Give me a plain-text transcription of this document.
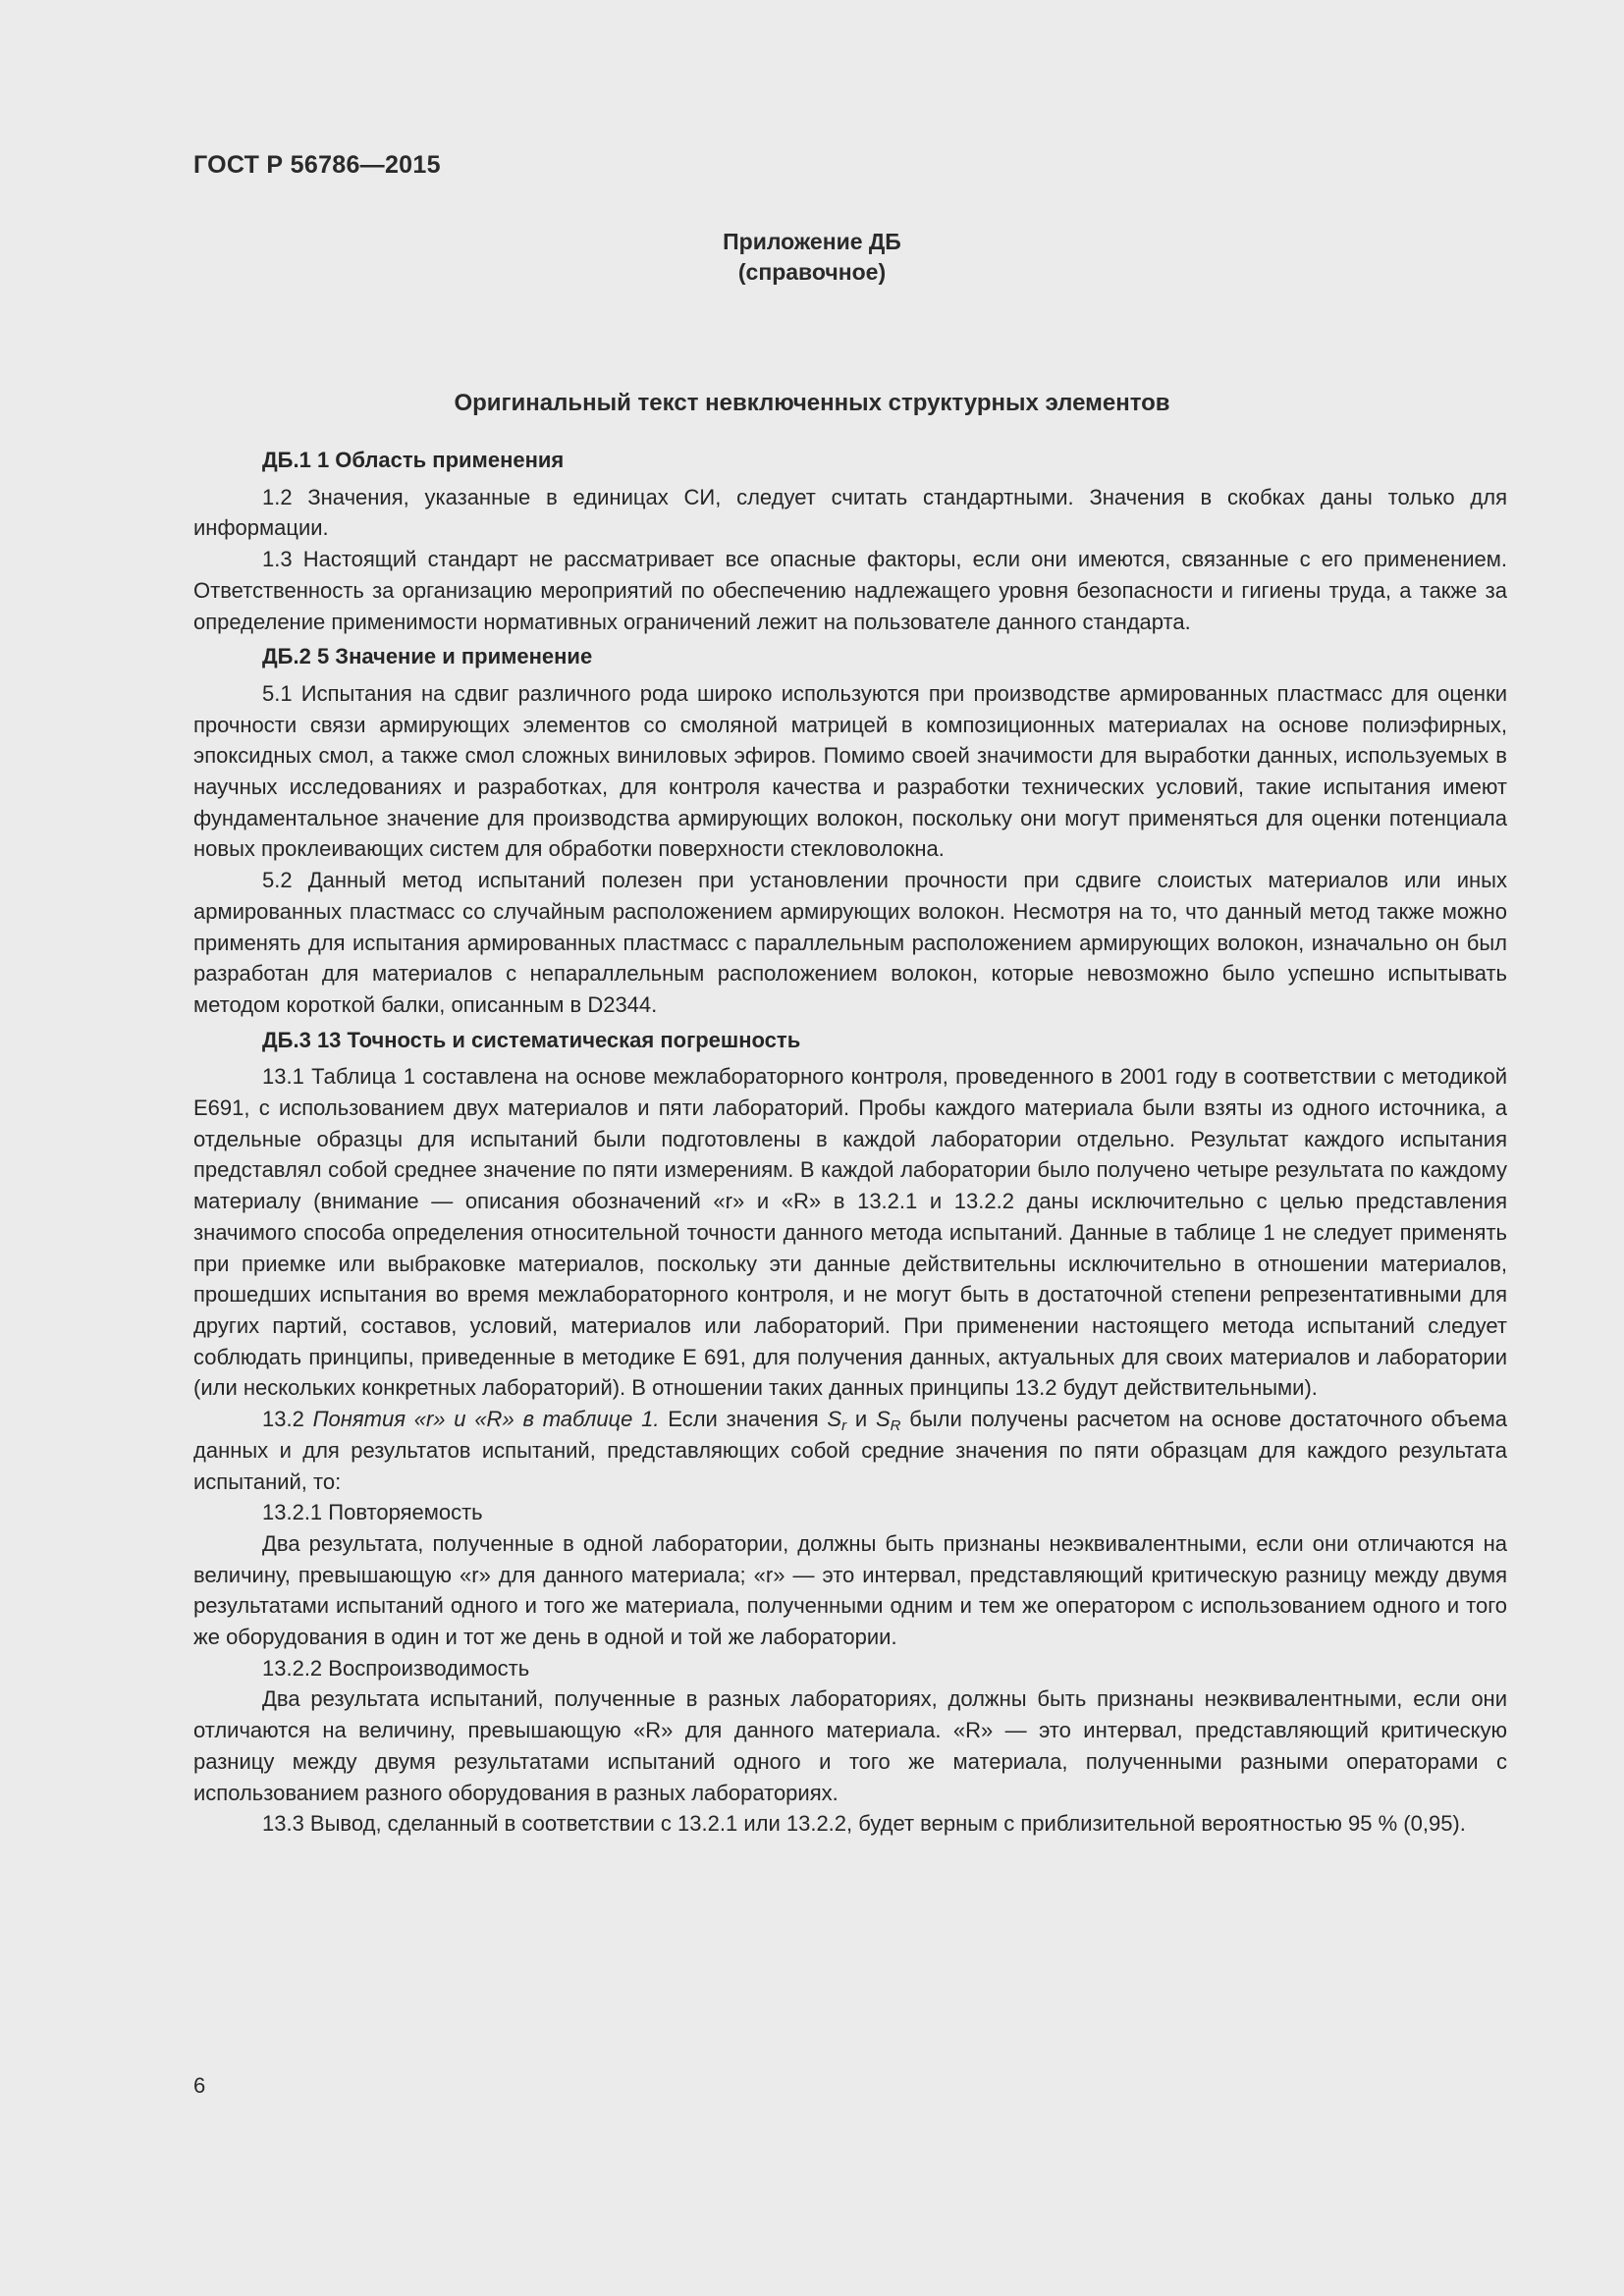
ГОСТ Р 56786—2015
Приложение ДБ
(справочное)
Оригинальный текст невключенных структурных элементов

ДБ.1 1 Область применения

1.2 Значения, указанные в единицах СИ, следует считать стандартными. Значения в скобках даны только для информации.

1.3 Настоящий стандарт не рассматривает все опасные факторы, если они имеются, связанные с его применением. Ответственность за организацию мероприятий по обеспечению надлежащего уровня безопасности и гигиены труда, а также за определение применимости нормативных ограничений лежит на пользователе данного стандарта.

ДБ.2 5 Значение и применение

5.1 Испытания на сдвиг различного рода широко используются при производстве армированных пластмасс для оценки прочности связи армирующих элементов со смоляной матрицей в композиционных материалах на основе полиэфирных, эпоксидных смол, а также смол сложных виниловых эфиров. Помимо своей значимости для выработки данных, используемых в научных исследованиях и разработках, для контроля качества и разработки технических условий, такие испытания имеют фундаментальное значение для производства армирующих волокон, поскольку они могут применяться для оценки потенциала новых проклеивающих систем для обработки поверхности стекловолокна.

5.2 Данный метод испытаний полезен при установлении прочности при сдвиге слоистых материалов или иных армированных пластмасс со случайным расположением армирующих волокон. Несмотря на то, что данный метод также можно применять для испытания армированных пластмасс с параллельным расположением армирующих волокон, изначально он был разработан для материалов с непараллельным расположением волокон, которые невозможно было успешно испытывать методом короткой балки, описанным в D2344.

ДБ.3 13 Точность и систематическая погрешность

13.1 Таблица 1 составлена на основе межлабораторного контроля, проведенного в 2001 году в соответствии с методикой E691, с использованием двух материалов и пяти лабораторий. Пробы каждого материала были взяты из одного источника, а отдельные образцы для испытаний были подготовлены в каждой лаборатории отдельно. Результат каждого испытания представлял собой среднее значение по пяти измерениям. В каждой лаборатории было получено четыре результата по каждому материалу (внимание — описания обозначений «r» и «R» в 13.2.1 и 13.2.2 даны исключительно с целью представления значимого способа определения относительной точности данного метода испытаний. Данные в таблице 1 не следует применять при приемке или выбраковке материалов, поскольку эти данные действительны исключительно в отношении материалов, прошедших испытания во время межлабораторного контроля, и не могут быть в достаточной степени репрезентативными для других партий, составов, условий, материалов или лабораторий. При применении настоящего метода испытаний следует соблюдать принципы, приведенные в методике E 691, для получения данных, актуальных для своих материалов и лаборатории (или нескольких конкретных лабораторий). В отношении таких данных принципы 13.2 будут действительными).

13.2 Понятия «r» и «R» в таблице 1. Если значения $S_r$ и $S_R$ были получены расчетом на основе достаточного объема данных и для результатов испытаний, представляющих собой средние значения по пяти образцам для каждого результата испытаний, то:

13.2.1 Повторяемость

Два результата, полученные в одной лаборатории, должны быть признаны неэквивалентными, если они отличаются на величину, превышающую «r» для данного материала; «r» — это интервал, представляющий критическую разницу между двумя результатами испытаний одного и того же материала, полученными одним и тем же оператором с использованием одного и того же оборудования в один и тот же день в одной и той же лаборатории.

13.2.2 Воспроизводимость

Два результата испытаний, полученные в разных лабораториях, должны быть признаны неэквивалентными, если они отличаются на величину, превышающую «R» для данного материала. «R» — это интервал, представляющий критическую разницу между двумя результатами испытаний одного и того же материала, полученными разными операторами с использованием разного оборудования в разных лабораториях.

13.3 Вывод, сделанный в соответствии с 13.2.1 или 13.2.2, будет верным с приблизительной вероятностью 95 % (0,95).

6
